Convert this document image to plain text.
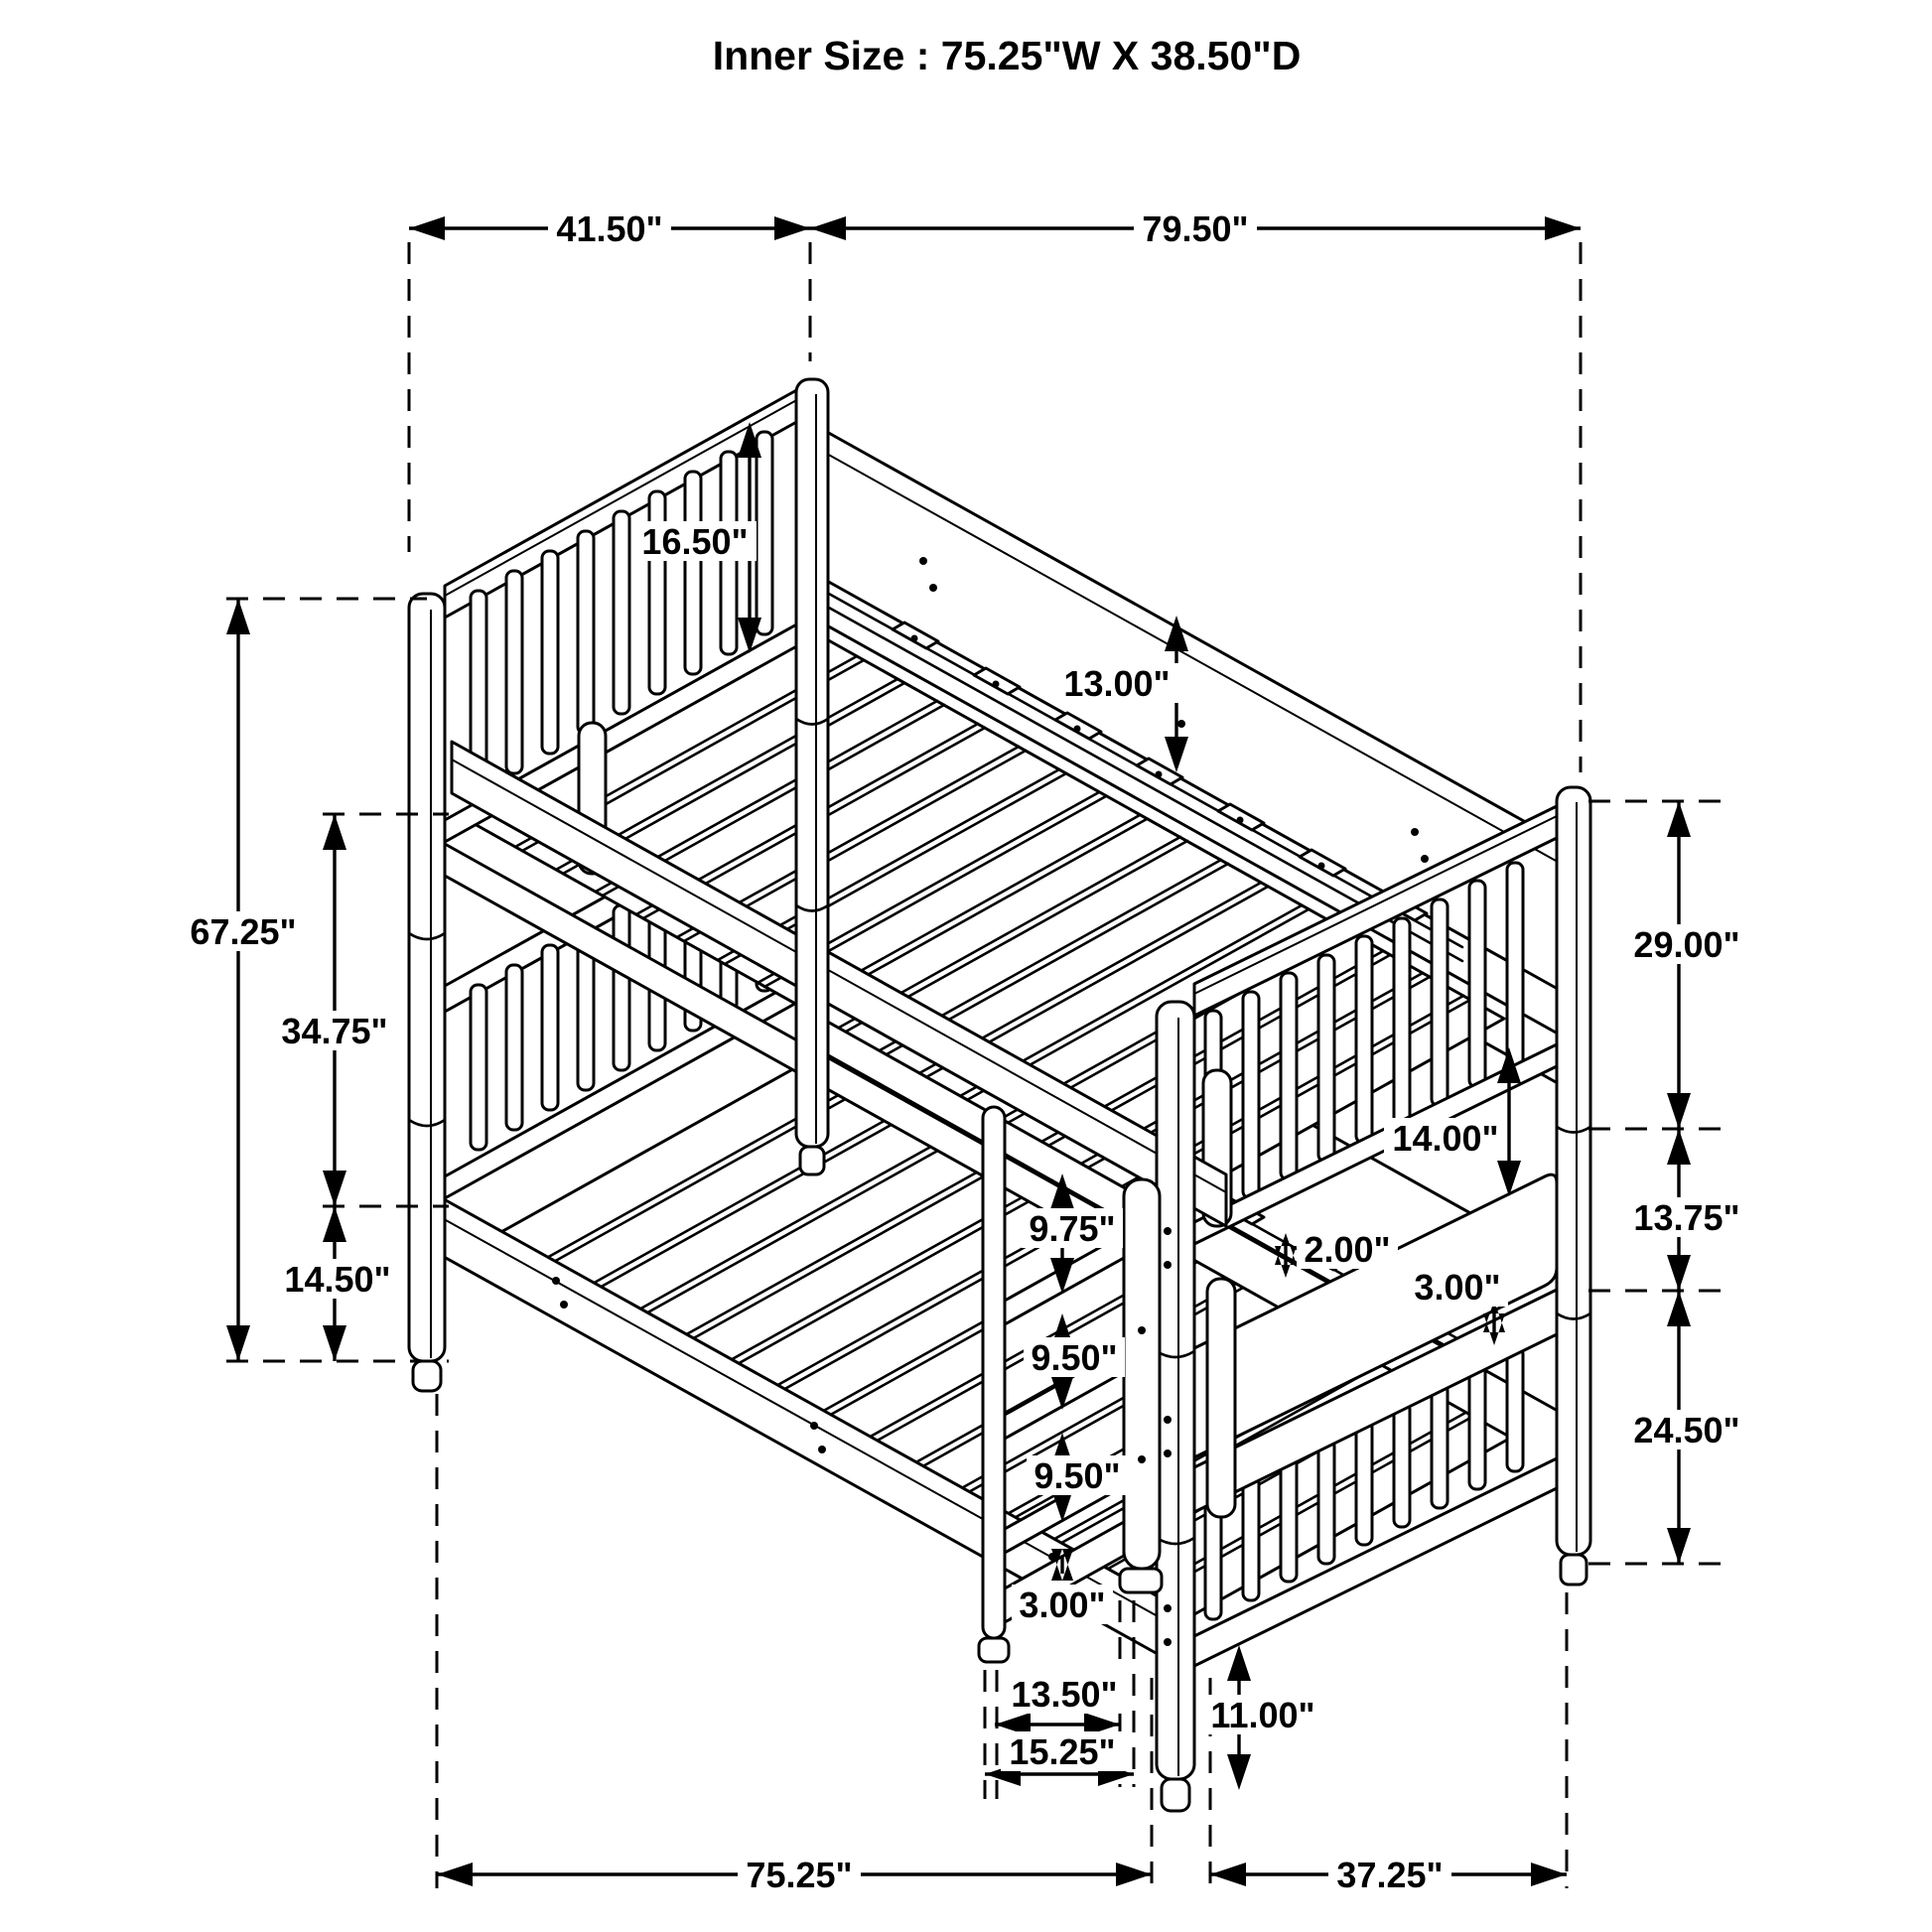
Inner Size : 75.25"W X 38.50"D
41.50"	79.50"
67.25"
34.75"
14.50"
16.50"
13.00"
29.00"
13.75"
24.50"
14.00"
2.00"
3.00"
9.75"
9.50"
9.50"
3.00"
13.50"
15.25"
11.00"
75.25"	37.25"
